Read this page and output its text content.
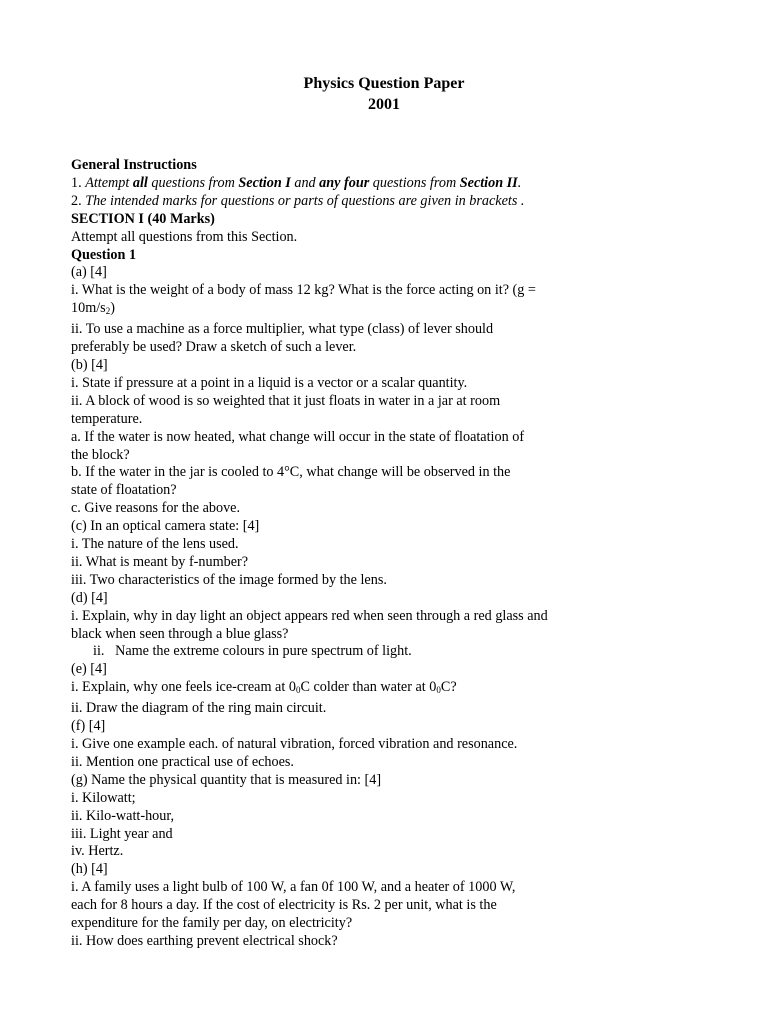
Physics Question Paper
2001
General Instructions
1. Attempt all questions from Section I and any four questions from Section II.
2. The intended marks for questions or parts of questions are given in brackets .
SECTION I (40 Marks)
Attempt all questions from this Section.
Question 1
(a) [4]
i. What is the weight of a body of mass 12 kg? What is the force acting on it? (g =
$10m/s_2$)
ii. To use a machine as a force multiplier, what type (class) of lever should
preferably be used? Draw a sketch of such a lever.
(b) [4]
i. State if pressure at a point in a liquid is a vector or a scalar quantity.
ii. A block of wood is so weighted that it just floats in water in a jar at room
temperature.
a. If the water is now heated, what change will occur in the state of floatation of
the block?
b. If the water in the jar is cooled to 4°C, what change will be observed in the
state of floatation?
c. Give reasons for the above.
(c) In an optical camera state: [4]
i. The nature of the lens used.
ii. What is meant by f-number?
iii. Two characteristics of the image formed by the lens.
(d) [4]
i. Explain, why in day light an object appears red when seen through a red glass and
black when seen through a blue glass?
ii.   Name the extreme colours in pure spectrum of light.
(e) [4]
i. Explain, why one feels ice-cream at $0_0C$ colder than water at $0_0C$?
ii. Draw the diagram of the ring main circuit.
(f) [4]
i. Give one example each. of natural vibration, forced vibration and resonance.
ii. Mention one practical use of echoes.
(g) Name the physical quantity that is measured in: [4]
i. Kilowatt;
ii. Kilo-watt-hour,
iii. Light year and
iv. Hertz.
(h) [4]
i. A family uses a light bulb of 100 W, a fan 0f 100 W, and a heater of 1000 W,
each for 8 hours a day. If the cost of electricity is Rs. 2 per unit, what is the
expenditure for the family per day, on electricity?
ii. How does earthing prevent electrical shock?
